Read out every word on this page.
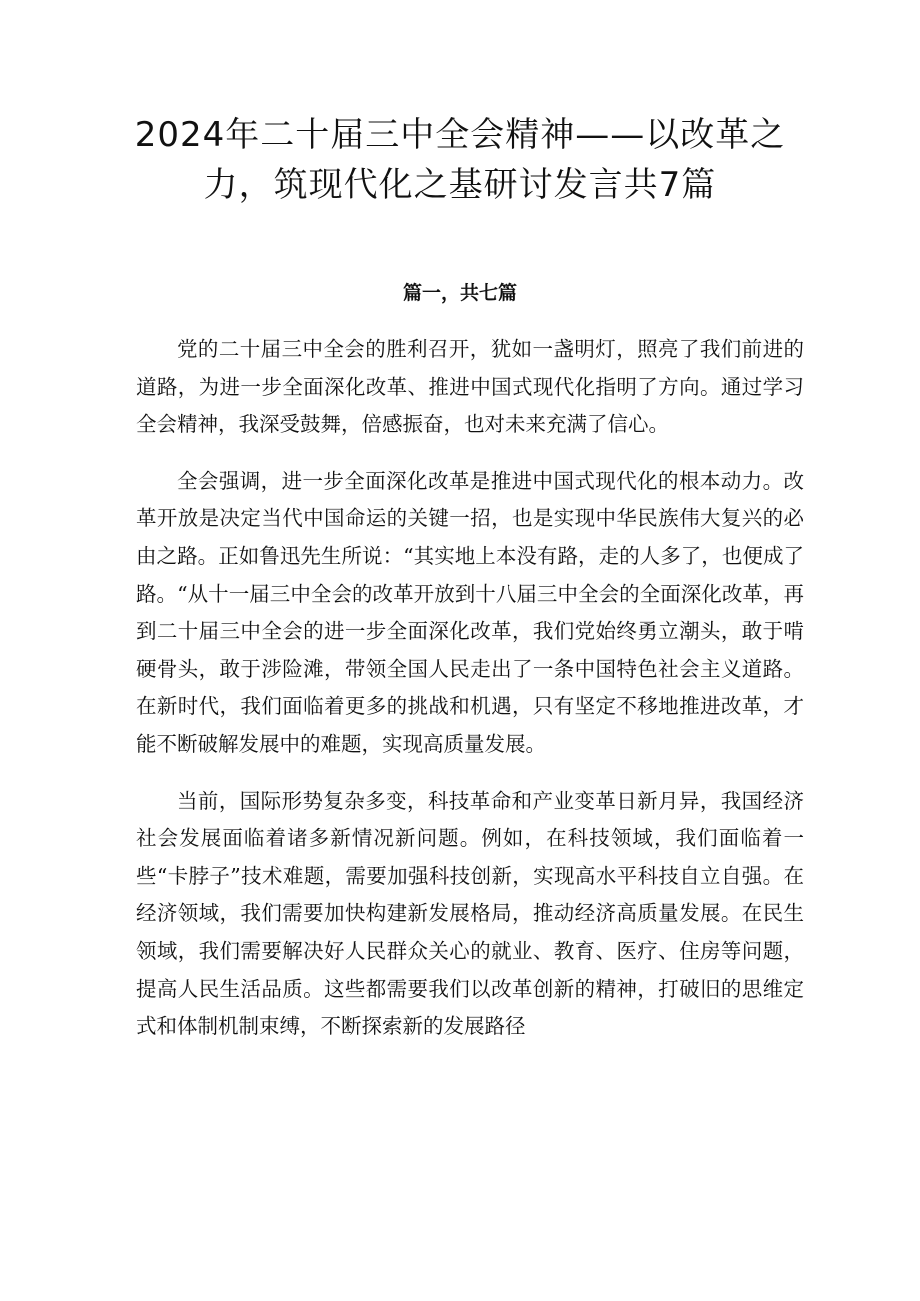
2024年二十届三中全会精神——以改革之力，筑现代化之基研讨发言共7篇
篇一，共七篇

党的二十届三中全会的胜利召开，犹如一盏明灯，照亮了我们前进的道路，为进一步全面深化改革、推进中国式现代化指明了方向。通过学习全会精神，我深受鼓舞，倍感振奋，也对未来充满了信心。

全会强调，进一步全面深化改革是推进中国式现代化的根本动力。改革开放是决定当代中国命运的关键一招，也是实现中华民族伟大复兴的必由之路。正如鲁迅先生所说：“其实地上本没有路，走的人多了，也便成了路。“从十一届三中全会的改革开放到十八届三中全会的全面深化改革，再到二十届三中全会的进一步全面深化改革，我们党始终勇立潮头，敢于啃硬骨头，敢于涉险滩，带领全国人民走出了一条中国特色社会主义道路。在新时代，我们面临着更多的挑战和机遇，只有坚定不移地推进改革，才能不断破解发展中的难题，实现高质量发展。

当前，国际形势复杂多变，科技革命和产业变革日新月异，我国经济社会发展面临着诸多新情况新问题。例如，在科技领域，我们面临着一些“卡脖子”技术难题，需要加强科技创新，实现高水平科技自立自强。在经济领域，我们需要加快构建新发展格局，推动经济高质量发展。在民生领域，我们需要解决好人民群众关心的就业、教育、医疗、住房等问题，提高人民生活品质。这些都需要我们以改革创新的精神，打破旧的思维定式和体制机制束缚，不断探索新的发展路径
